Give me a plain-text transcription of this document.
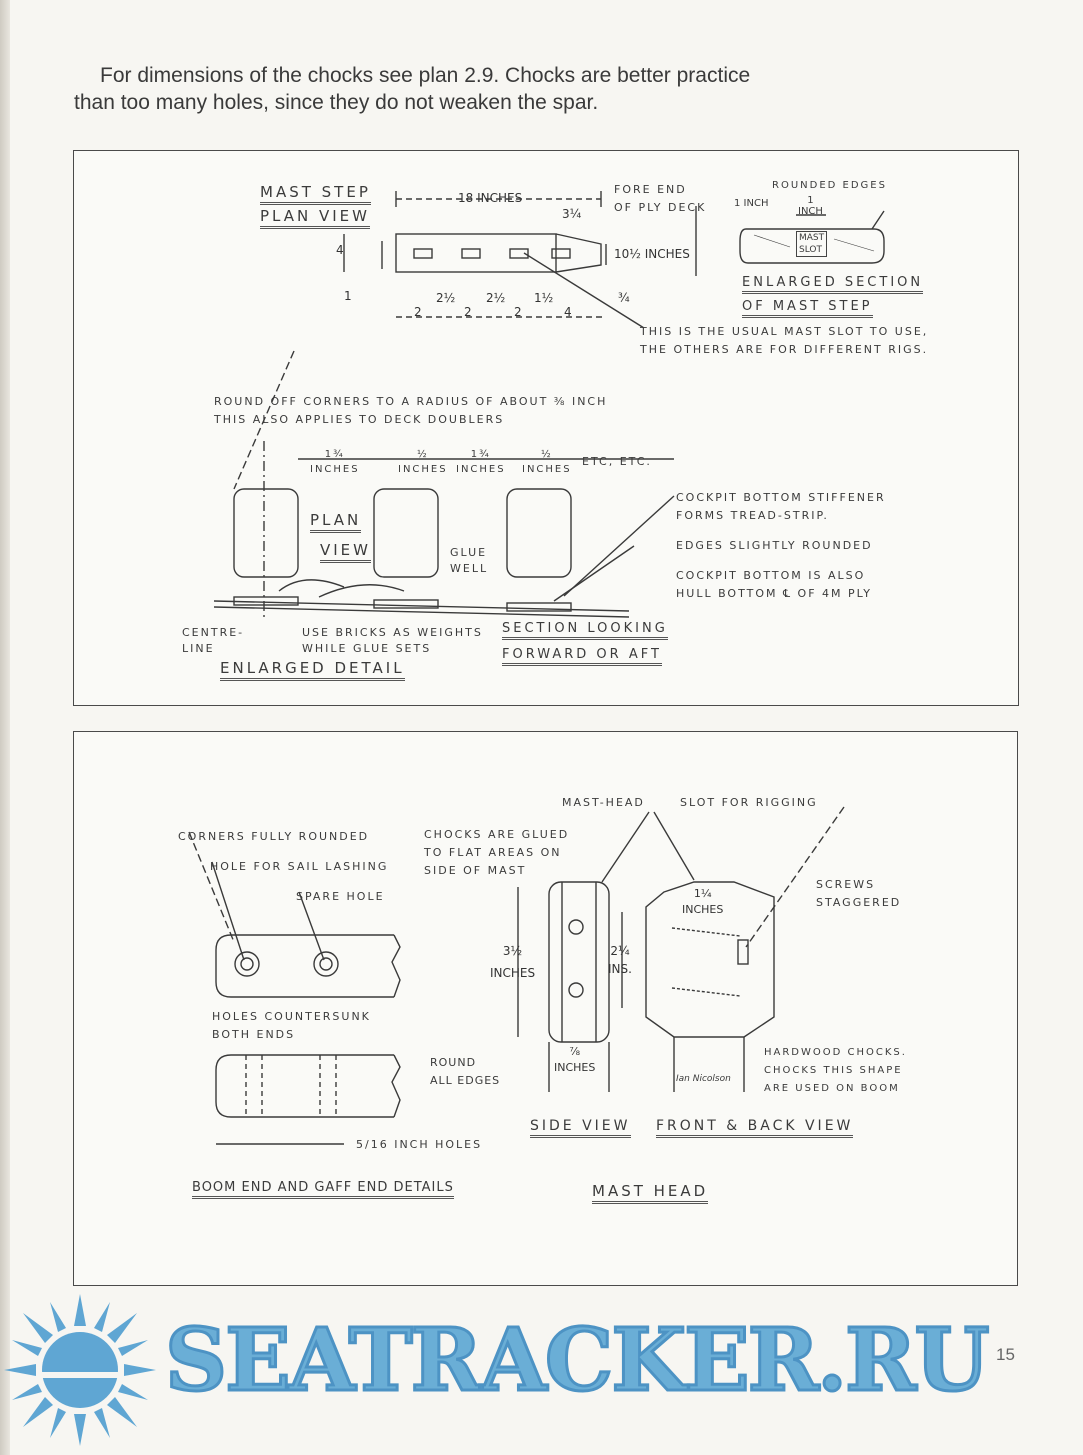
For dimensions of the chocks see plan 2.9. Chocks are better practice

than too many holes, since they do not weaken the spar.
MAST STEP
PLAN VIEW
18 INCHES
3¼
FORE END
OF PLY DECK
4
1
10½ INCHES
¾
2
2½
2
2½
2
1½
4
THIS IS THE USUAL MAST SLOT TO USE,
THE OTHERS ARE FOR DIFFERENT RIGS.
ROUNDED EDGES
1 INCH	1
INCH
MAST
SLOT
ENLARGED SECTION
OF MAST STEP
ROUND OFF CORNERS TO A RADIUS OF ABOUT ⅜ INCH
THIS ALSO APPLIES TO DECK DOUBLERS
1¾
INCHES
½
INCHES
1¾
INCHES
½
INCHES
ETC, ETC.
PLAN
VIEW	GLUE
WELL
COCKPIT BOTTOM STIFFENER
FORMS TREAD-STRIP.
EDGES SLIGHTLY ROUNDED
COCKPIT BOTTOM IS ALSO
HULL BOTTOM ℄ OF 4M PLY
CENTRE-
LINE
USE BRICKS AS WEIGHTS
WHILE GLUE SETS
SECTION LOOKING
FORWARD OR AFT
ENLARGED DETAIL
CORNERS FULLY ROUNDED
HOLE FOR SAIL LASHING
SPARE HOLE
HOLES COUNTERSUNK
BOTH ENDS
5/16 INCH HOLES
BOOM END AND GAFF END DETAILS
CHOCKS ARE GLUED
TO FLAT AREAS ON
SIDE OF MAST
MAST-HEAD	SLOT FOR RIGGING
3½
INCHES
2¼
INS.
1¼
INCHES
⅞
INCHES
SCREWS
STAGGERED
ROUND
ALL EDGES
HARDWOOD CHOCKS.
CHOCKS THIS SHAPE
ARE USED ON BOOM
SIDE VIEW FRONT & BACK VIEW
MAST HEAD
Ian Nicolson
15
SEATRACKER.RU
